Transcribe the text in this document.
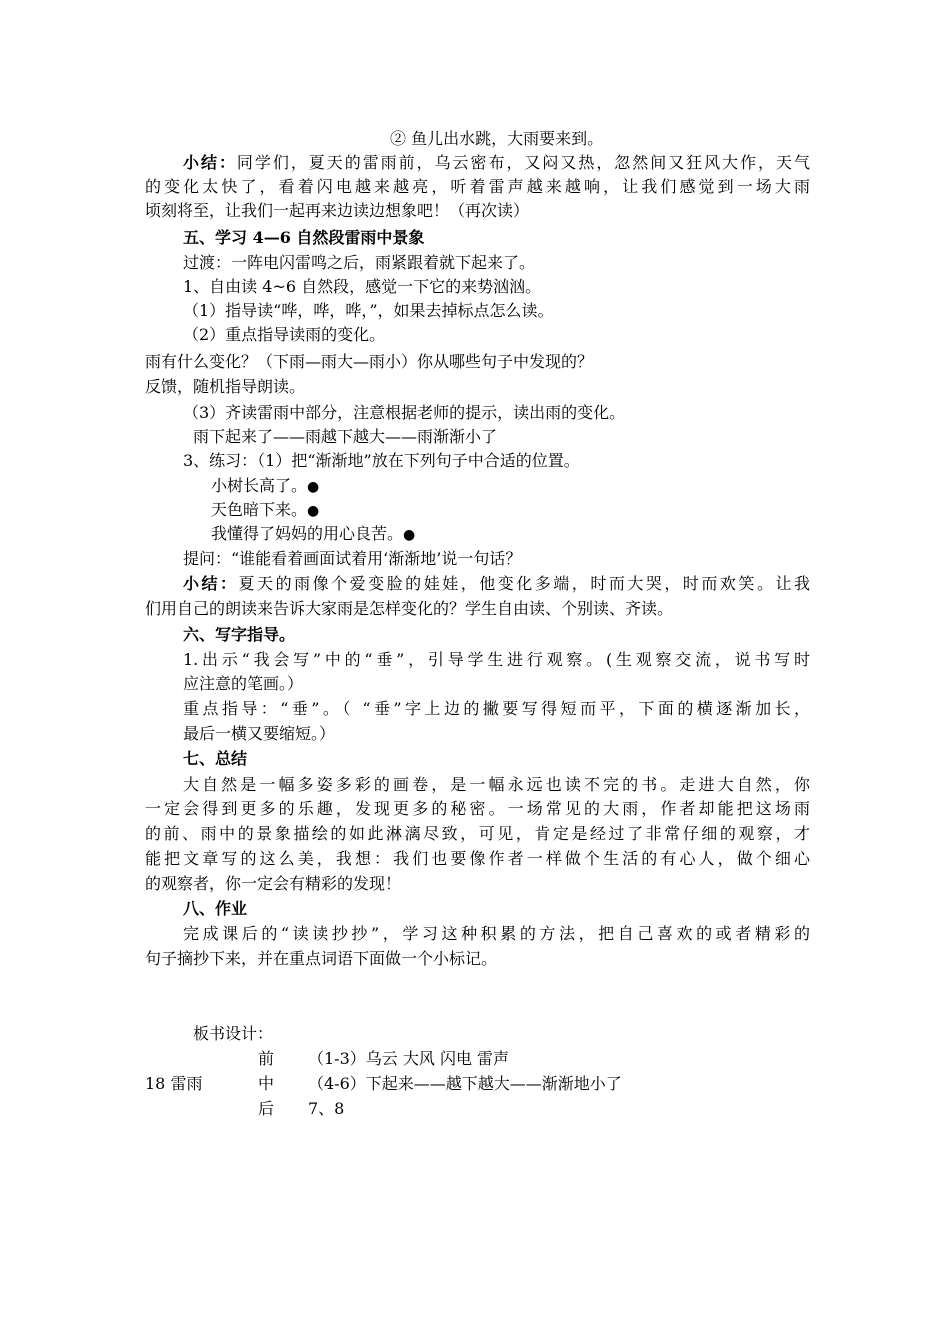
② 鱼儿出水跳，大雨要来到。
小结：同学们，夏天的雷雨前，乌云密布，又闷又热，忽然间又狂风大作，天气
的变化太快了，看着闪电越来越亮，听着雷声越来越响，让我们感觉到一场大雨
顷刻将至，让我们一起再来边读边想象吧！（再次读）
五、学习 4—6 自然段雷雨中景象
过渡：一阵电闪雷鸣之后，雨紧跟着就下起来了。
1、自由读 4~6 自然段，感觉一下它的来势汹汹。
（1）指导读“哗，哗，哗，”，如果去掉标点怎么读。
（2）重点指导读雨的变化。
雨有什么变化？（下雨—雨大—雨小）你从哪些句子中发现的？
反馈，随机指导朗读。
（3）齐读雷雨中部分，注意根据老师的提示，读出雨的变化。
雨下起来了——雨越下越大——雨渐渐小了
3、练习：（1）把“渐渐地”放在下列句子中合适的位置。
小树长高了。●
天色暗下来。●
我懂得了妈妈的用心良苦。●
提问：“谁能看着画面试着用‘渐渐地’说一句话？
小结：夏天的雨像个爱变脸的娃娃，他变化多端，时而大哭，时而欢笑。让我
们用自己的朗读来告诉大家雨是怎样变化的？学生自由读、个别读、齐读。
六、写字指导。
1.出示“我会写”中的“垂”，引导学生进行观察。(生观察交流，说书写时
应注意的笔画。）
重点指导：“垂”。（ “垂”字上边的撇要写得短而平，下面的横逐渐加长，
最后一横又要缩短。）
七、总结
大自然是一幅多姿多彩的画卷，是一幅永远也读不完的书。走进大自然，你
一定会得到更多的乐趣，发现更多的秘密。一场常见的大雨，作者却能把这场雨
的前、雨中的景象描绘的如此淋漓尽致，可见，肯定是经过了非常仔细的观察，才
能把文章写的这么美，我想：我们也要像作者一样做个生活的有心人，做个细心
的观察者，你一定会有精彩的发现！
八、作业
完成课后的“读读抄抄”，学习这种积累的方法，把自己喜欢的或者精彩的
句子摘抄下来，并在重点词语下面做一个小标记。
板书设计：
前 （1-3）乌云 大风 闪电 雷声
18 雷雨	中 （4-6）下起来——越下越大——渐渐地小了
后 7、8
